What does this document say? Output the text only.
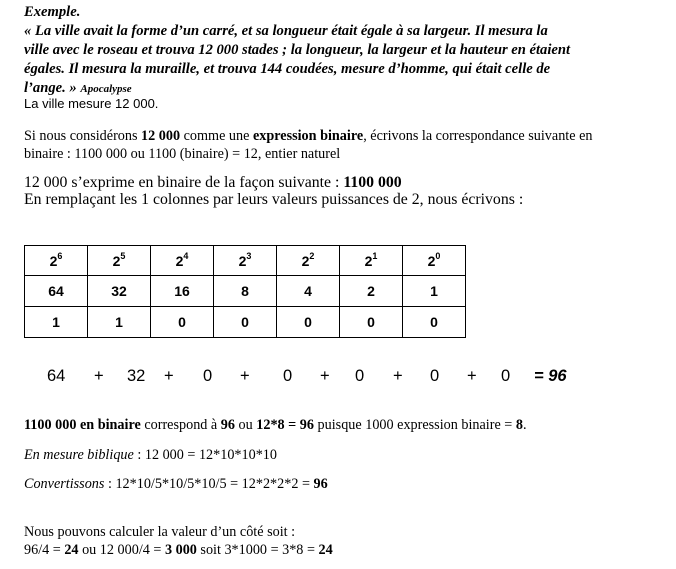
Exemple.
« La ville avait la forme d’un carré, et sa longueur était égale à sa largeur. Il mesura la
ville avec le roseau et trouva 12 000 stades ; la longueur, la largeur et la hauteur en étaient
égales. Il mesura la muraille, et trouva 144 coudées, mesure d’homme, qui était celle de
l’ange. » Apocalypse
La ville mesure 12 000.
Si nous considérons 12 000 comme une expression binaire, écrivons la correspondance suivante en
binaire : 1100 000 ou 1100 (binaire) = 12, entier naturel
12 000 s’exprime en binaire de la façon suivante : 1100 000
En remplaçant les 1 colonnes par leurs valeurs puissances de 2, nous écrivons :
$2^6$	$2^5$	$2^4$	$2^3$	$2^2$	$2^1$	$2^0$
64	32	16	8	4	2	1
1	1	0	0	0	0	0
64 + 32 + 0 + 0 + 0 + 0 + 0 = 96
1100 000 en binaire correspond à 96 ou 12*8 = 96 puisque 1000 expression binaire = 8.
En mesure biblique : 12 000 = 12*10*10*10
Convertissons : 12*10/5*10/5*10/5 = 12*2*2*2 = 96
Nous pouvons calculer la valeur d’un côté soit :
96/4 = 24 ou 12 000/4 = 3 000 soit 3*1000 = 3*8 = 24
